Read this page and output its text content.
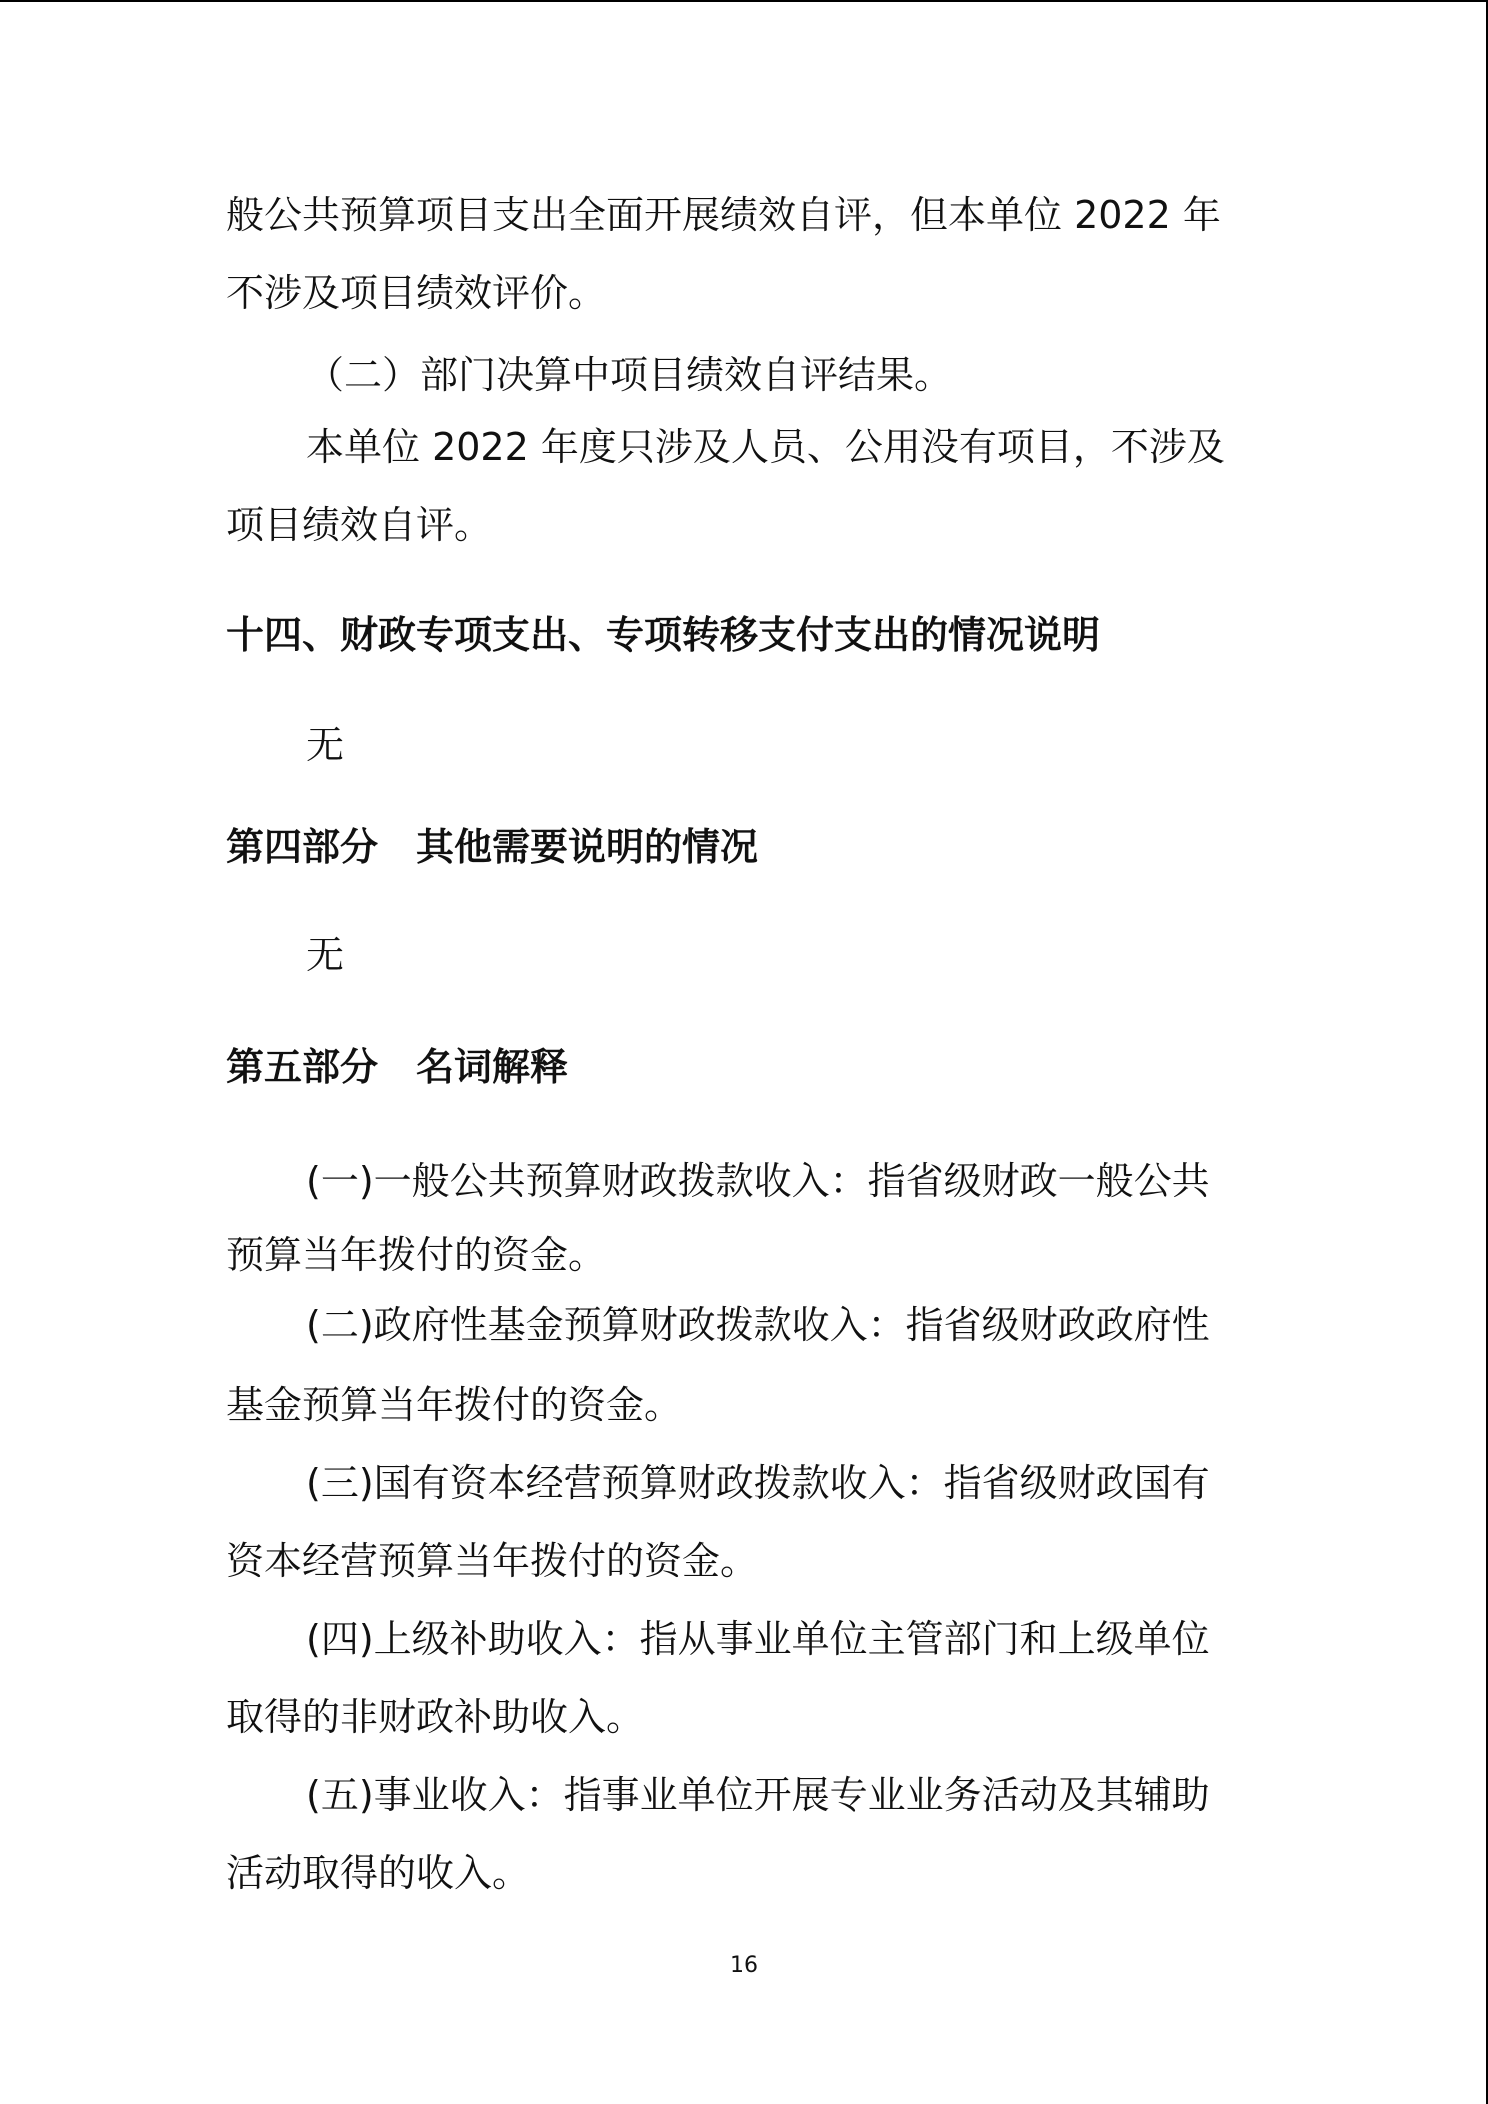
般公共预算项目支出全面开展绩效自评，但本单位 2022 年
不涉及项目绩效评价。
（二）部门决算中项目绩效自评结果。
本单位 2022 年度只涉及人员、公用没有项目，不涉及
项目绩效自评。
十四、财政专项支出、专项转移支付支出的情况说明
无
第四部分　其他需要说明的情况
无
第五部分　名词解释
(一)一般公共预算财政拨款收入：指省级财政一般公共
预算当年拨付的资金。
(二)政府性基金预算财政拨款收入：指省级财政政府性
基金预算当年拨付的资金。
(三)国有资本经营预算财政拨款收入：指省级财政国有
资本经营预算当年拨付的资金。
(四)上级补助收入：指从事业单位主管部门和上级单位
取得的非财政补助收入。
(五)事业收入：指事业单位开展专业业务活动及其辅助
活动取得的收入。
16
